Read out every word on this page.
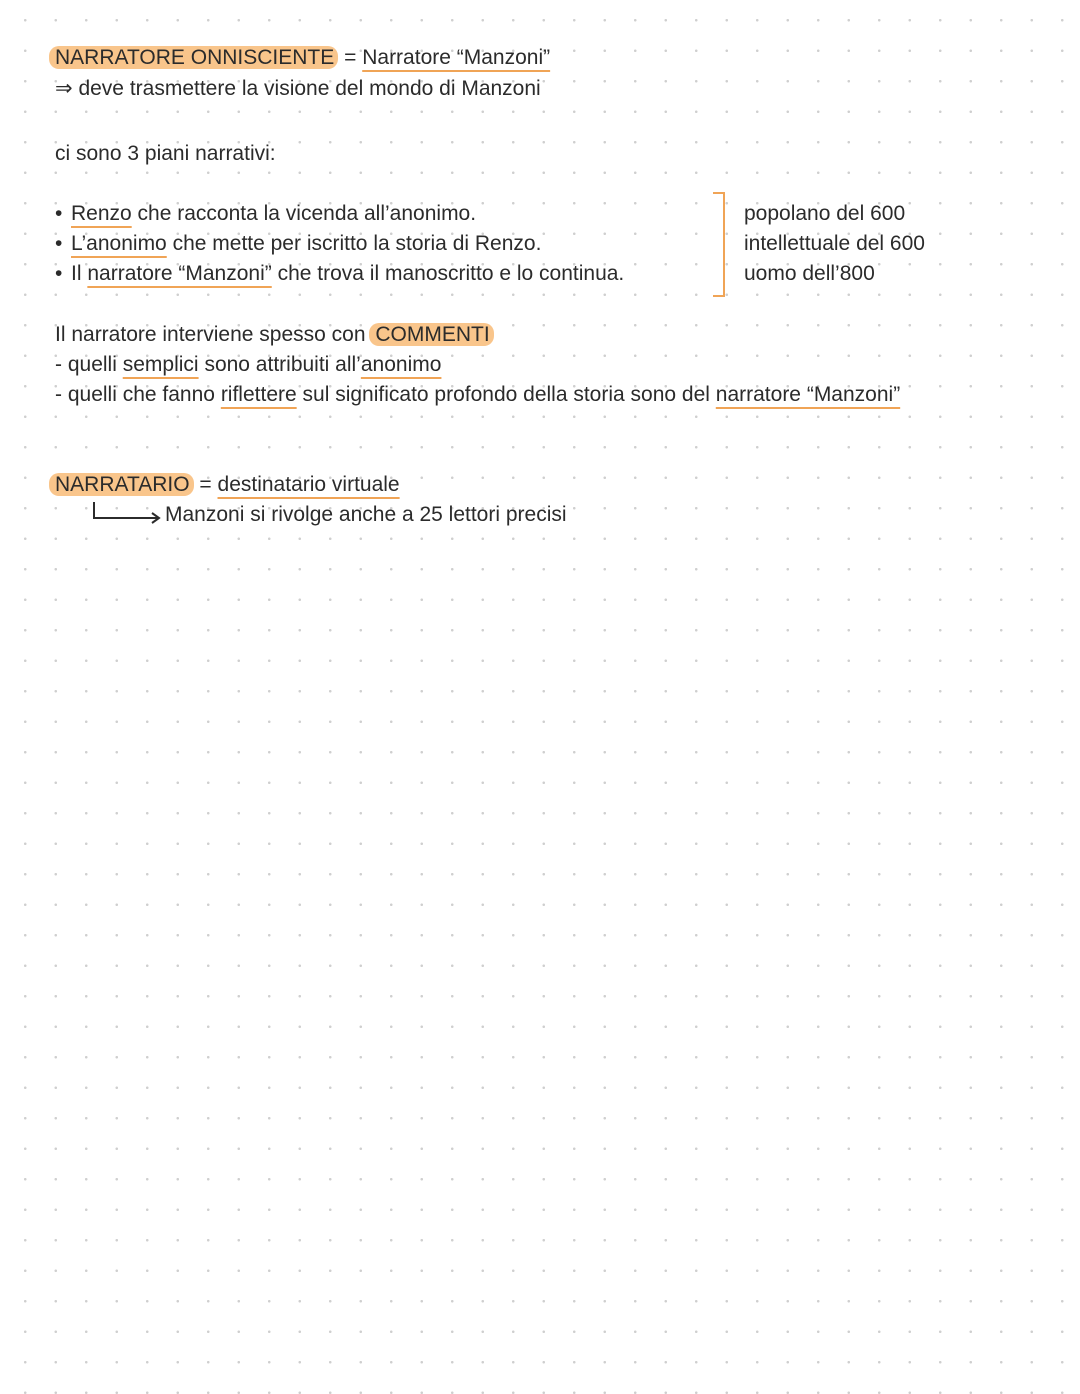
NARRATORE ONNISCIENTE = Narratore “Manzoni”
⇒ deve trasmettere la visione del mondo di Manzoni
ci sono 3 piani narrativi:
• Renzo che racconta la vicenda all’anonimo.
• L’anonimo che mette per iscritto la storia di Renzo.
• Il narratore “Manzoni” che trova il manoscritto e lo continua.
popolano del 600
intellettuale del 600
uomo dell’800
Il narratore interviene spesso con COMMENTI
- quelli semplici sono attribuiti all’anonimo
- quelli che fanno riflettere sul significato profondo della storia sono del narratore “Manzoni”
NARRATARIO = destinatario virtuale
Manzoni si rivolge anche a 25 lettori precisi
